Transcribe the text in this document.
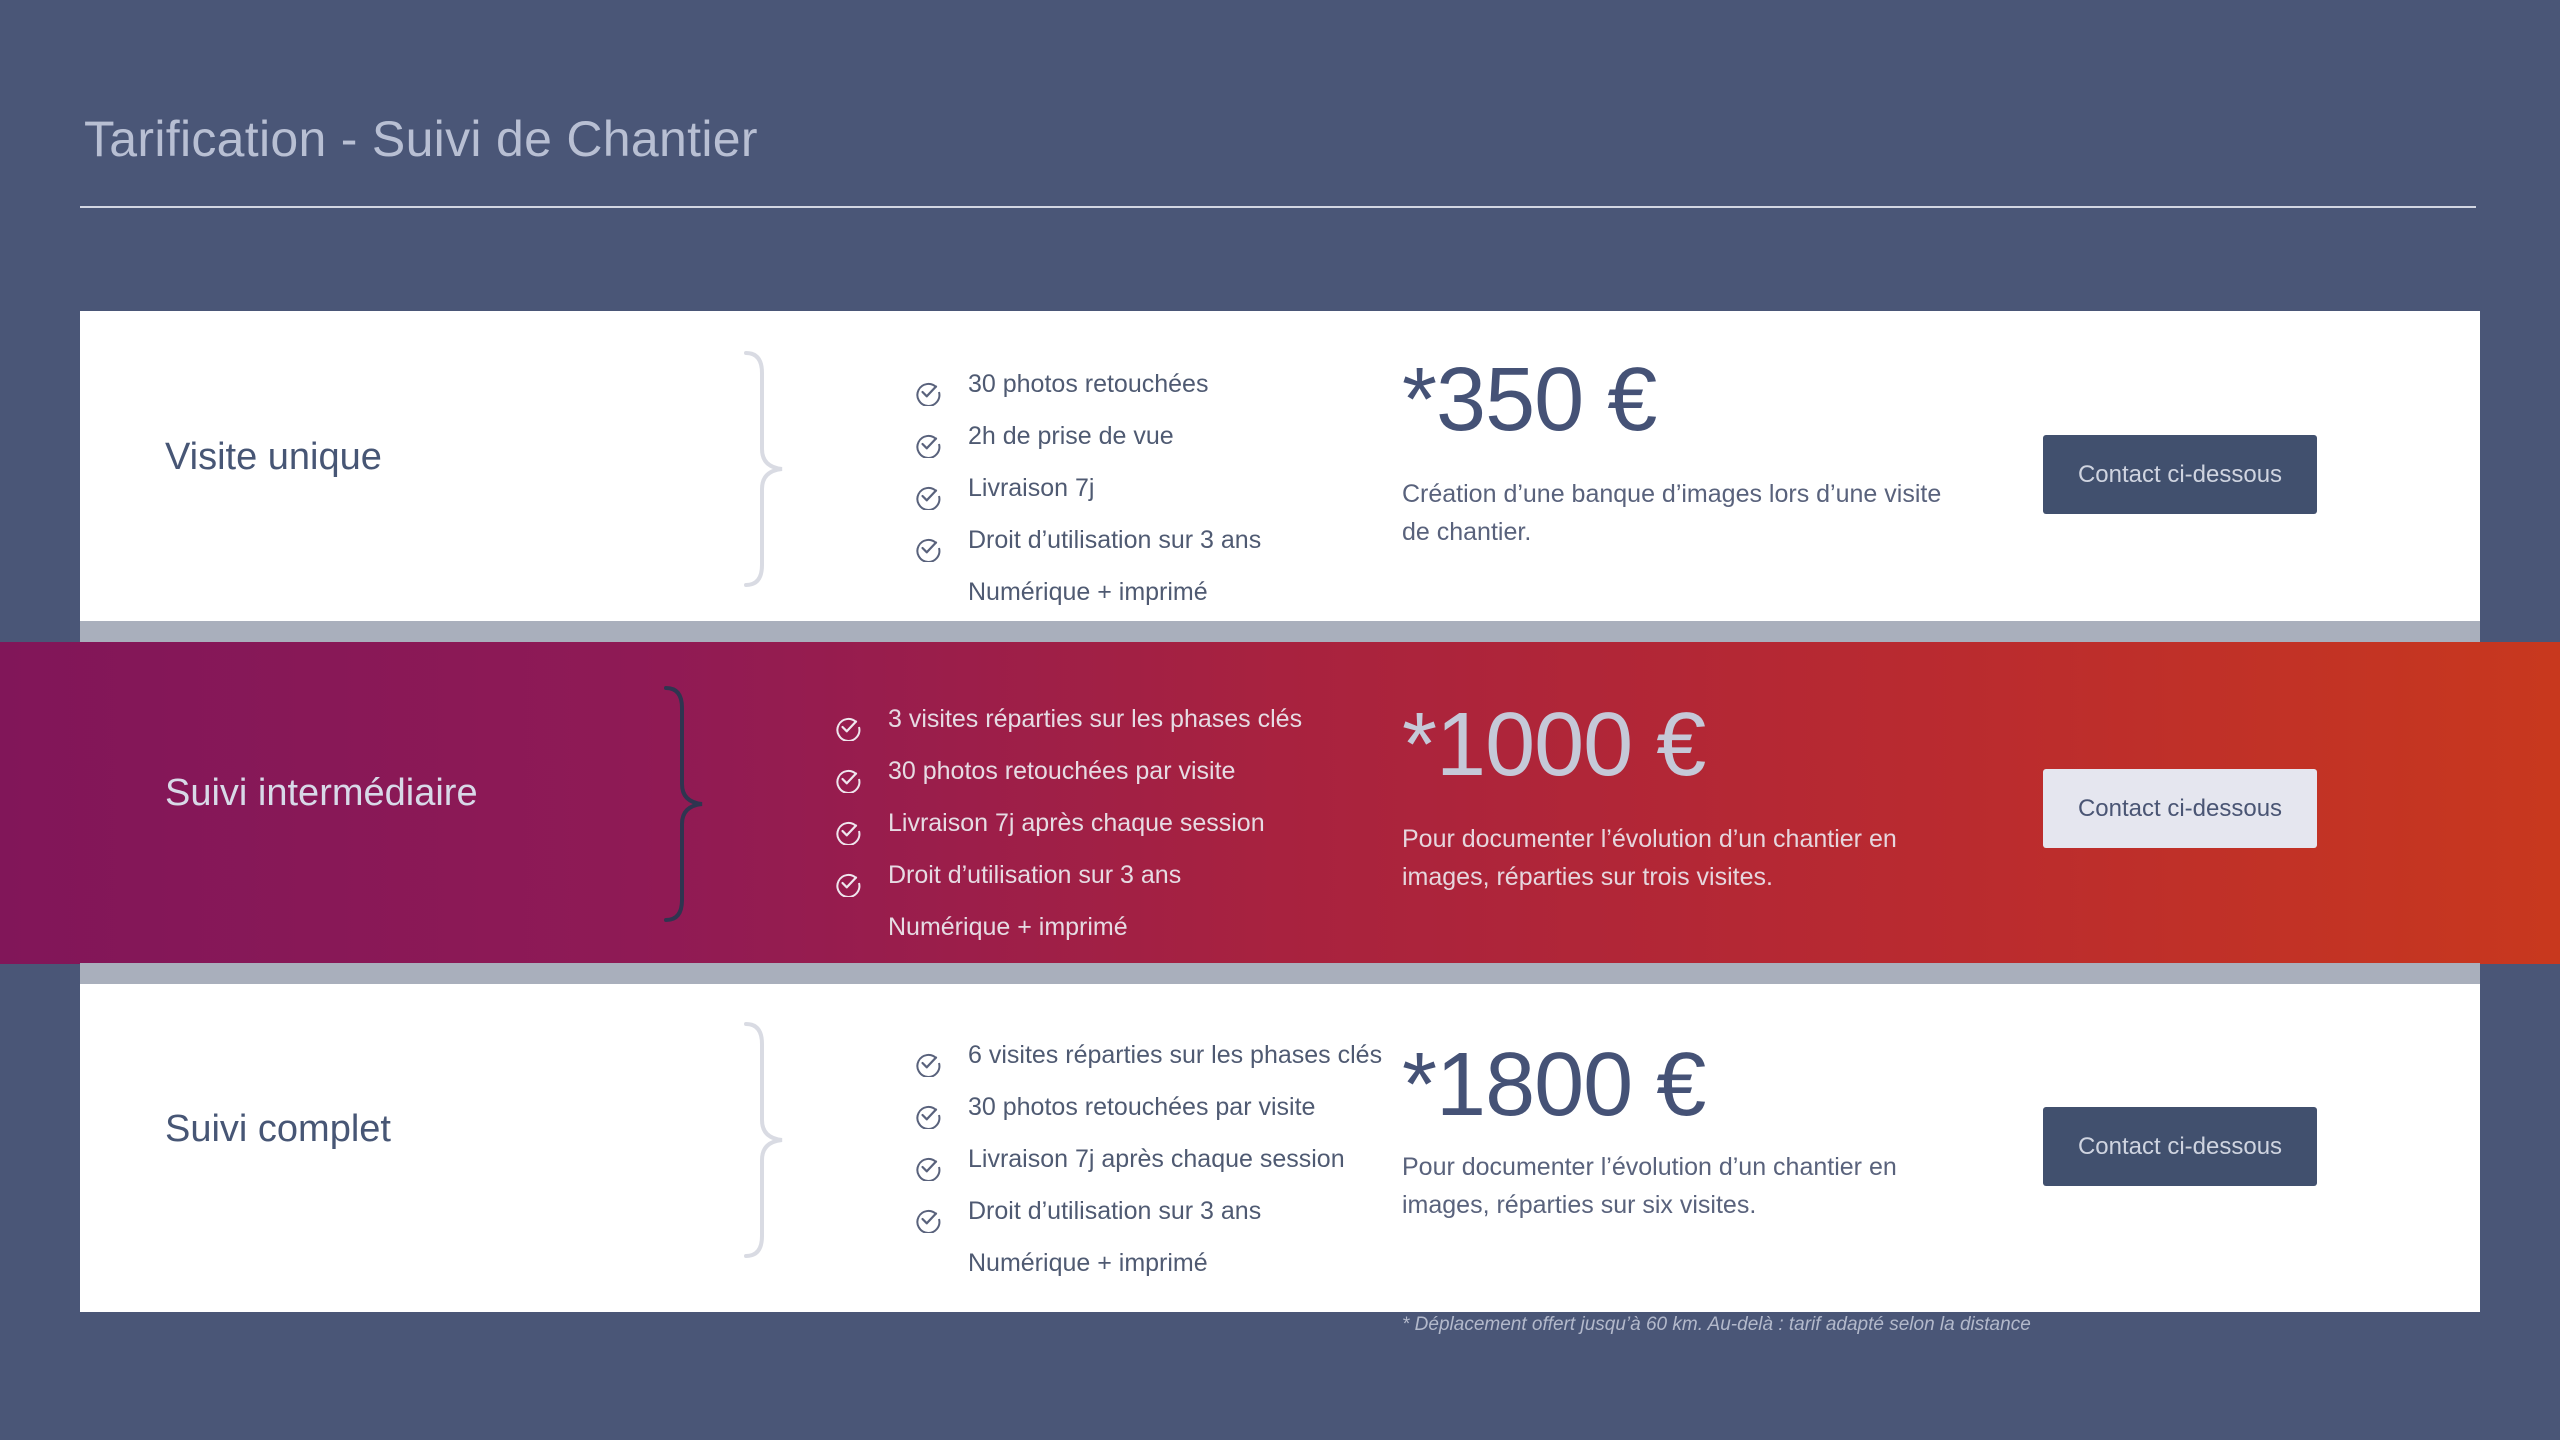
Tarification - Suivi de Chantier
Visite unique
30 photos retouchées
2h de prise de vue
Livraison 7j
Droit d’utilisation sur 3 ans
Numérique + imprimé
*350 €

Création d’une banque d’images lors d’une visite de chantier.

Contact ci-dessous
Suivi intermédiaire
3 visites réparties sur les phases clés
30 photos retouchées par visite
Livraison 7j après chaque session
Droit d’utilisation sur 3 ans
Numérique + imprimé
*1000 €

Pour documenter l’évolution d’un chantier en images, réparties sur trois visites.

Contact ci-dessous
Suivi complet
6 visites réparties sur les phases clés
30 photos retouchées par visite
Livraison 7j après chaque session
Droit d’utilisation sur 3 ans
Numérique + imprimé
*1800 €

Pour documenter l’évolution d’un chantier en images, réparties sur six visites.

Contact ci-dessous

* Déplacement offert jusqu’à 60 km. Au-delà : tarif adapté selon la distance
